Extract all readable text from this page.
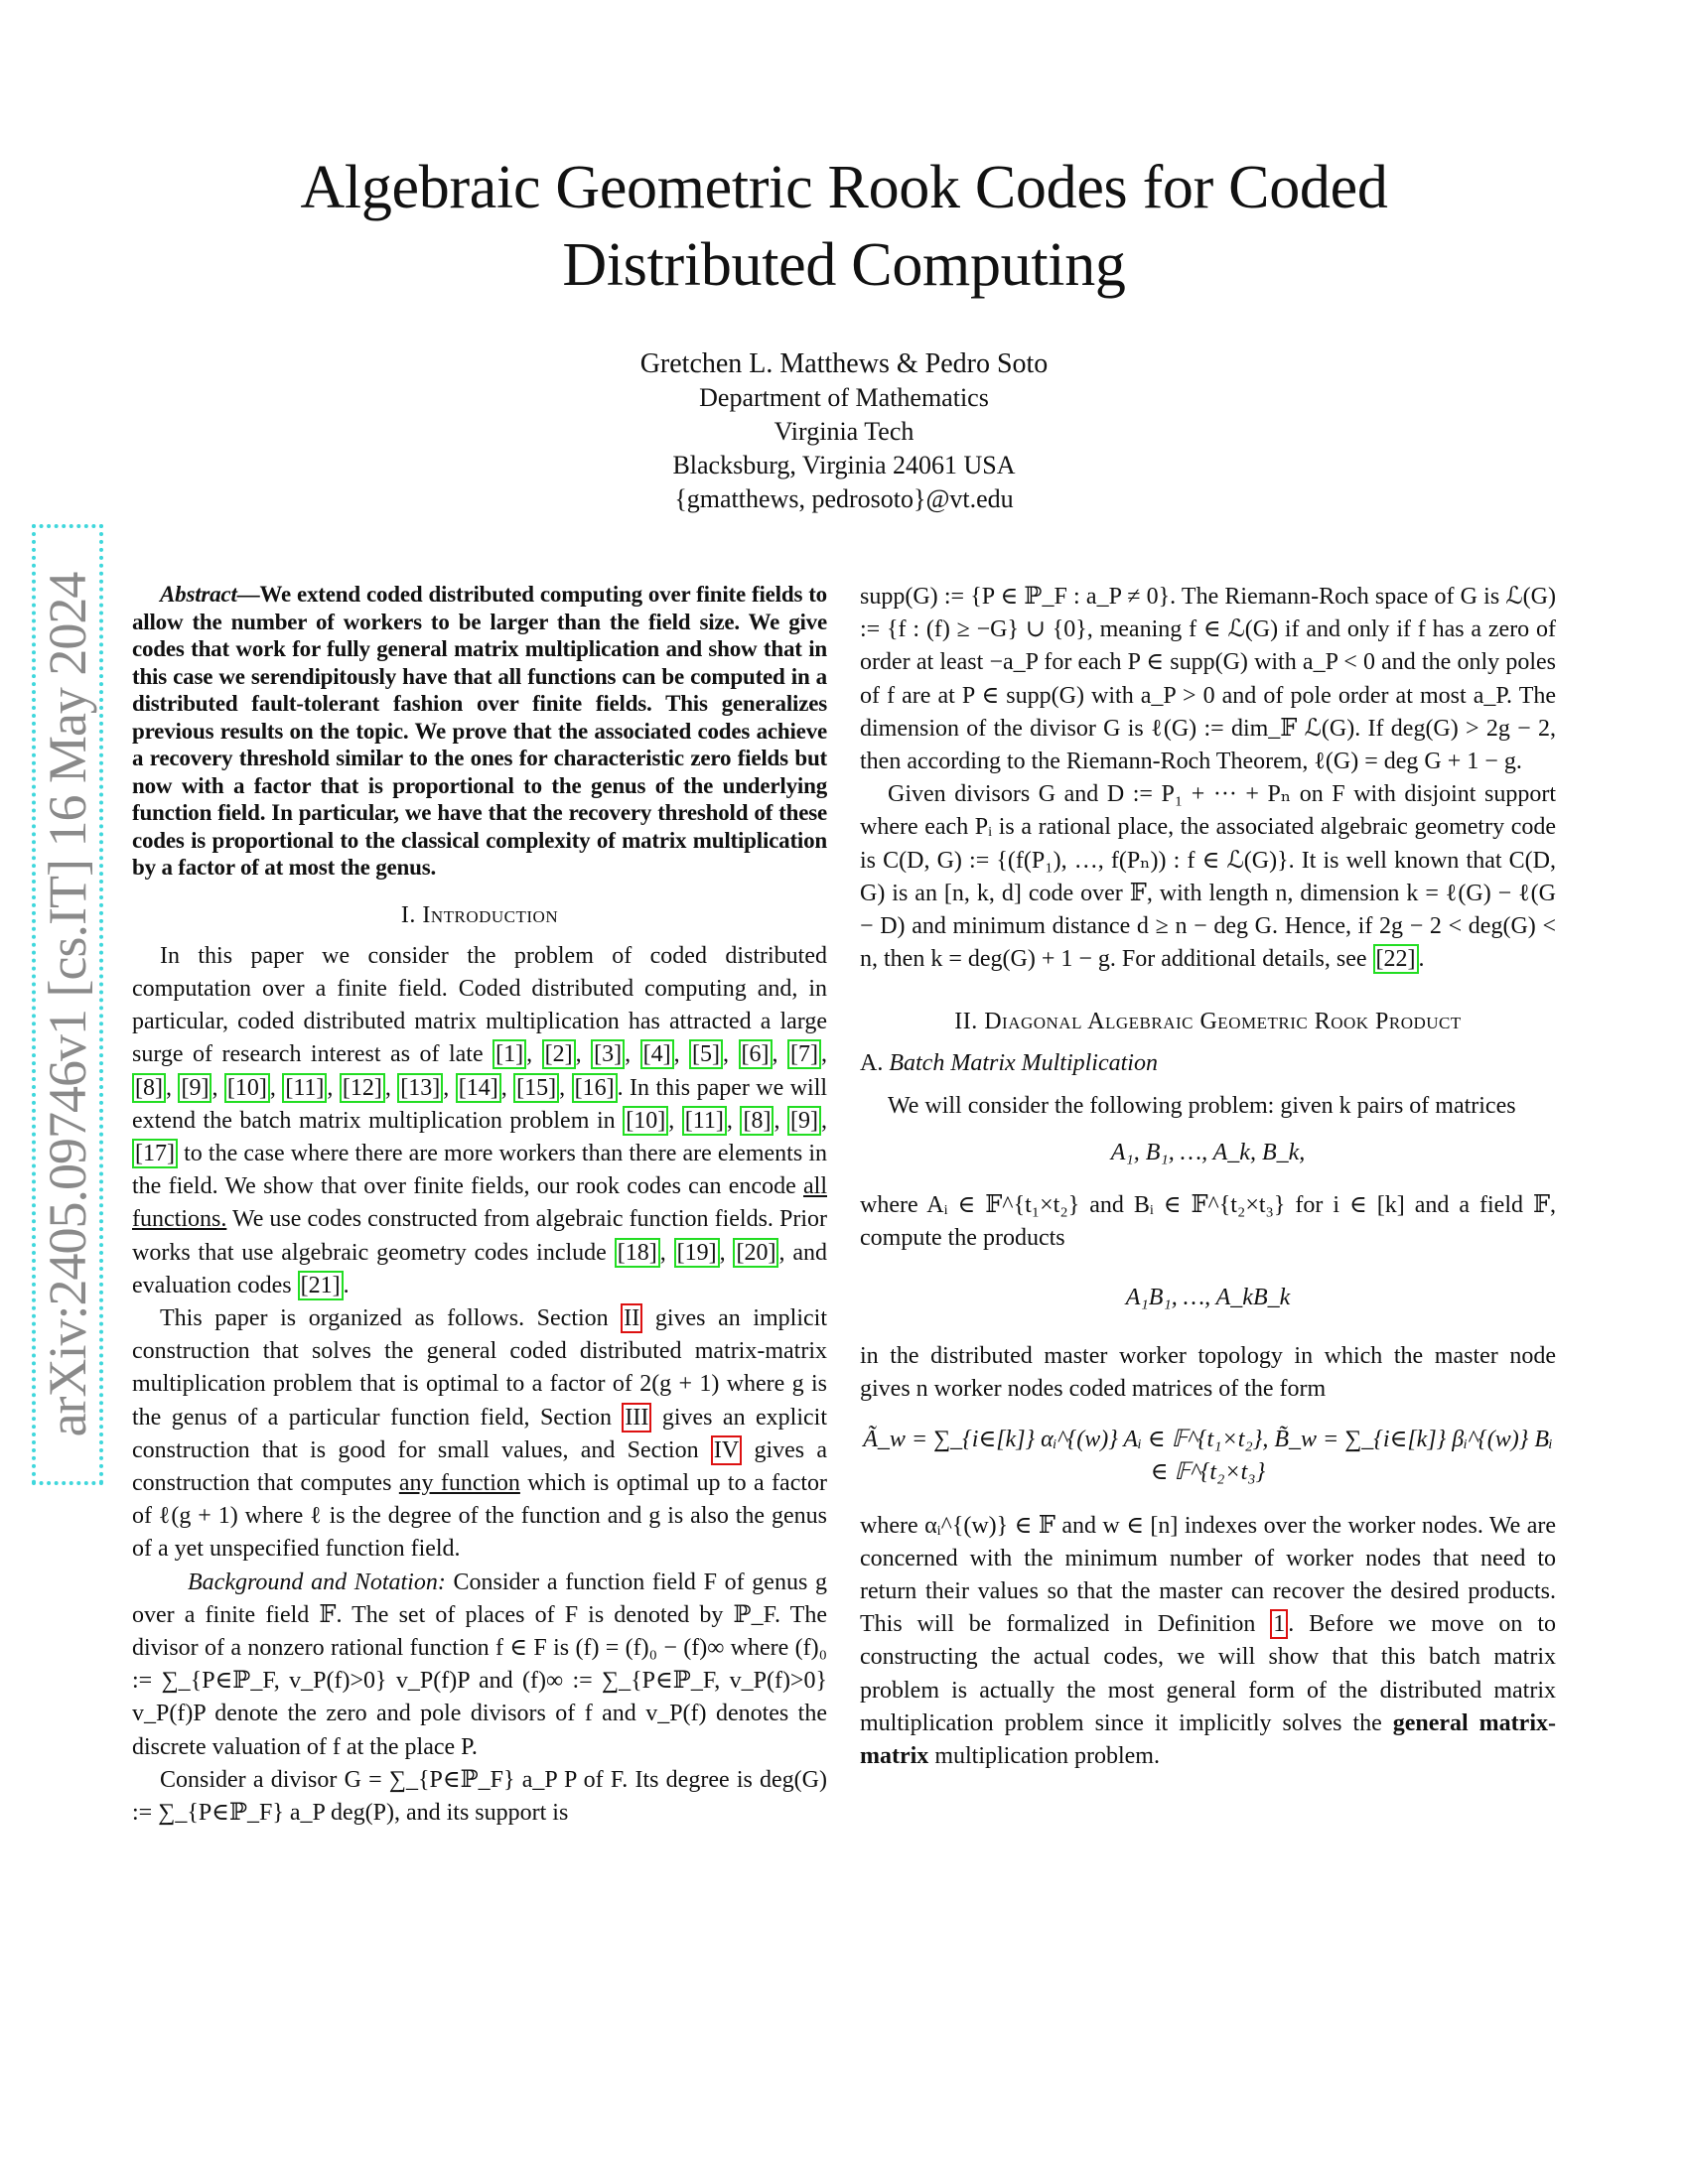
Algebraic Geometric Rook Codes for Coded
Distributed Computing
Gretchen L. Matthews & Pedro Soto
Department of Mathematics
Virginia Tech
Blacksburg, Virginia 24061 USA
{gmatthews, pedrosoto}@vt.edu
arXiv:2405.09746v1 [cs.IT] 16 May 2024	Abstract—We extend coded distributed computing over finite fields to allow the number of workers to be larger than the field size. We give codes that work for fully general matrix multiplication and show that in this case we serendipitously have that all functions can be computed in a distributed fault-tolerant fashion over finite fields. This generalizes previous results on the topic. We prove that the associated codes achieve a recovery threshold similar to the ones for characteristic zero fields but now with a factor that is proportional to the genus of the underlying function field. In particular, we have that the recovery threshold of these codes is proportional to the classical complexity of matrix multiplication by a factor of at most the genus.

I. Introduction

In this paper we consider the problem of coded distributed computation over a finite field. Coded distributed computing and, in particular, coded distributed matrix multiplication has attracted a large surge of research interest as of late [1] , [2] , [3] , [4] , [5] , [6] , [7] , [8] , [9] , [10] , [11] , [12] , [13] , [14] , [15] , [16] . In this paper we will extend the batch matrix multiplication problem in [10] , [11] , [8] , [9] , [17] to the case where there are more workers than there are elements in the field. We show that over finite fields, our rook codes can encode all functions. We use codes constructed from algebraic function fields. Prior works that use algebraic geometry codes include [18] , [19] , [20] , and evaluation codes [21] .

This paper is organized as follows. Section II gives an implicit construction that solves the general coded distributed matrix-matrix multiplication problem that is optimal to a factor of 2(g + 1) where g is the genus of a particular function field, Section III gives an explicit construction that is good for small values, and Section IV gives a construction that computes any function which is optimal up to a factor of ℓ(g + 1) where ℓ is the degree of the function and g is also the genus of a yet unspecified function field.

Background and Notation: Consider a function field F of genus g over a finite field 𝔽. The set of places of F is denoted by ℙ_F. The divisor of a nonzero rational function f ∈ F is (f) = (f)₀ − (f)∞ where (f)₀ := ∑_{P∈ℙ_F, v_P(f)>0} v_P(f)P and (f)∞ := ∑_{P∈ℙ_F, v_P(f)>0} v_P(f)P denote the zero and pole divisors of f and v_P(f) denotes the discrete valuation of f at the place P.

Consider a divisor G = ∑_{P∈ℙ_F} a_P P of F. Its degree is deg(G) := ∑_{P∈ℙ_F} a_P deg(P), and its support is

supp(G) := {P ∈ ℙ_F : a_P ≠ 0}. The Riemann-Roch space of G is ℒ(G) := {f : (f) ≥ −G} ∪ {0}, meaning f ∈ ℒ(G) if and only if f has a zero of order at least −a_P for each P ∈ supp(G) with a_P < 0 and the only poles of f are at P ∈ supp(G) with a_P > 0 and of pole order at most a_P. The dimension of the divisor G is ℓ(G) := dim_𝔽 ℒ(G). If deg(G) > 2g − 2, then according to the Riemann-Roch Theorem, ℓ(G) = deg G + 1 − g.

Given divisors G and D := P₁ + ··· + Pₙ on F with disjoint support where each Pᵢ is a rational place, the associated algebraic geometry code is C(D, G) := {(f(P₁), …, f(Pₙ)) : f ∈ ℒ(G)}. It is well known that C(D, G) is an [n, k, d] code over 𝔽, with length n, dimension k = ℓ(G) − ℓ(G − D) and minimum distance d ≥ n − deg G. Hence, if 2g − 2 < deg(G) < n, then k = deg(G) + 1 − g. For additional details, see [22] .

II. Diagonal Algebraic Geometric Rook Product
A. Batch Matrix Multiplication

We will consider the following problem: given k pairs of matrices

A₁, B₁, …, A_k, B_k,

where Aᵢ ∈ 𝔽^{t₁×t₂} and Bᵢ ∈ 𝔽^{t₂×t₃} for i ∈ [k] and a field 𝔽, compute the products

A₁B₁, …, A_kB_k

in the distributed master worker topology in which the master node gives n worker nodes coded matrices of the form

Ã_w = ∑_{i∈[k]} αᵢ^{(w)} Aᵢ ∈ 𝔽^{t₁×t₂}, B̃_w = ∑_{i∈[k]} βᵢ^{(w)} Bᵢ ∈ 𝔽^{t₂×t₃}

where αᵢ^{(w)} ∈ 𝔽 and w ∈ [n] indexes over the worker nodes. We are concerned with the minimum number of worker nodes that need to return their values so that the master can recover the desired products. This will be formalized in Definition 1 . Before we move on to constructing the actual codes, we will show that this batch matrix problem is actually the most general form of the distributed matrix multiplication problem since it implicitly solves the general matrix-matrix multiplication problem.
